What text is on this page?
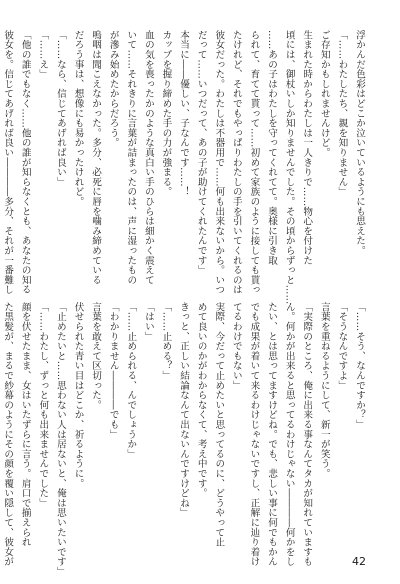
浮かんだ色彩はどこか泣いているようにも思えた。
「……わたしたち、親を知りません」
ご存知かもしれませんけど。
生まれた時からわたしは一人きりで……物心を付けた
頃には、御杖いしか知りませんでした。その頃からずっと……
……あの子はわたしを守ってくれてて。奥様に引き取
られて、育てて貰って……初めて家族のように接しても貰っ
たけれど、それでもやっぱりわたしの手を引いてくれるのは
彼女だった。わたしは不器用で……何も出来ないから。いつ
だって……いつだって、あの子が助けてくれたんです」
本当に――優しい、子なんです……！
カップを握り締めた手の力が強まる。
血の気を喪ったかのような真白い手のひらは細かく震えて
いて……それきりに言葉が詰まったのは、声に湿ったもの
が滲み始めたからだろう。
嗚咽は聞こえなかった。多分、必死に唇を噛み締めている
だろう事は、想像にも易かったけれど。
「……なら、信じてあげれば良い」
「……え」
「他の誰でもなく……他の誰が知らなくとも、あなたの知る
彼女を。信じてあげれば良い――――多分、それが一番難し
「……そう、なんですか？」
「そうなんですよ」
言葉を重ねるようにして、新一が笑う。
「実際のところ、俺に出来る事なんてタカが知れていますも
ん。何かが出来ると思ってるわけじゃない――――何かをし
たい、とは思ってますけどね。でも、悲しい事に何でもかん
でも成果が着いて来るわけじゃないですし、正解に辿り着け
てるわけでもない」
実際、今だって止めたいと思ってるのに、どうやって止
めて良いのかがわからなくて、考え中です。
きっと、正しい結論なんて出ないんですけどね」
「……止める？」
「はい」
「……止められる、んでしょうか」
「わかりません――――でも」
言葉を敢えて区切った。
伏せられた青い目はどこか、祈るように。
「止めたいと……思わない人は居ないと、俺は思いたいです」
「……わたし、ずっと何も出来ませんでした」
顔を伏せたまま、女はいたずらに言う。肩口で揃えられ
た黒髪が、まるで紗幕のようにその顔を覆い隠して、彼女が	42
